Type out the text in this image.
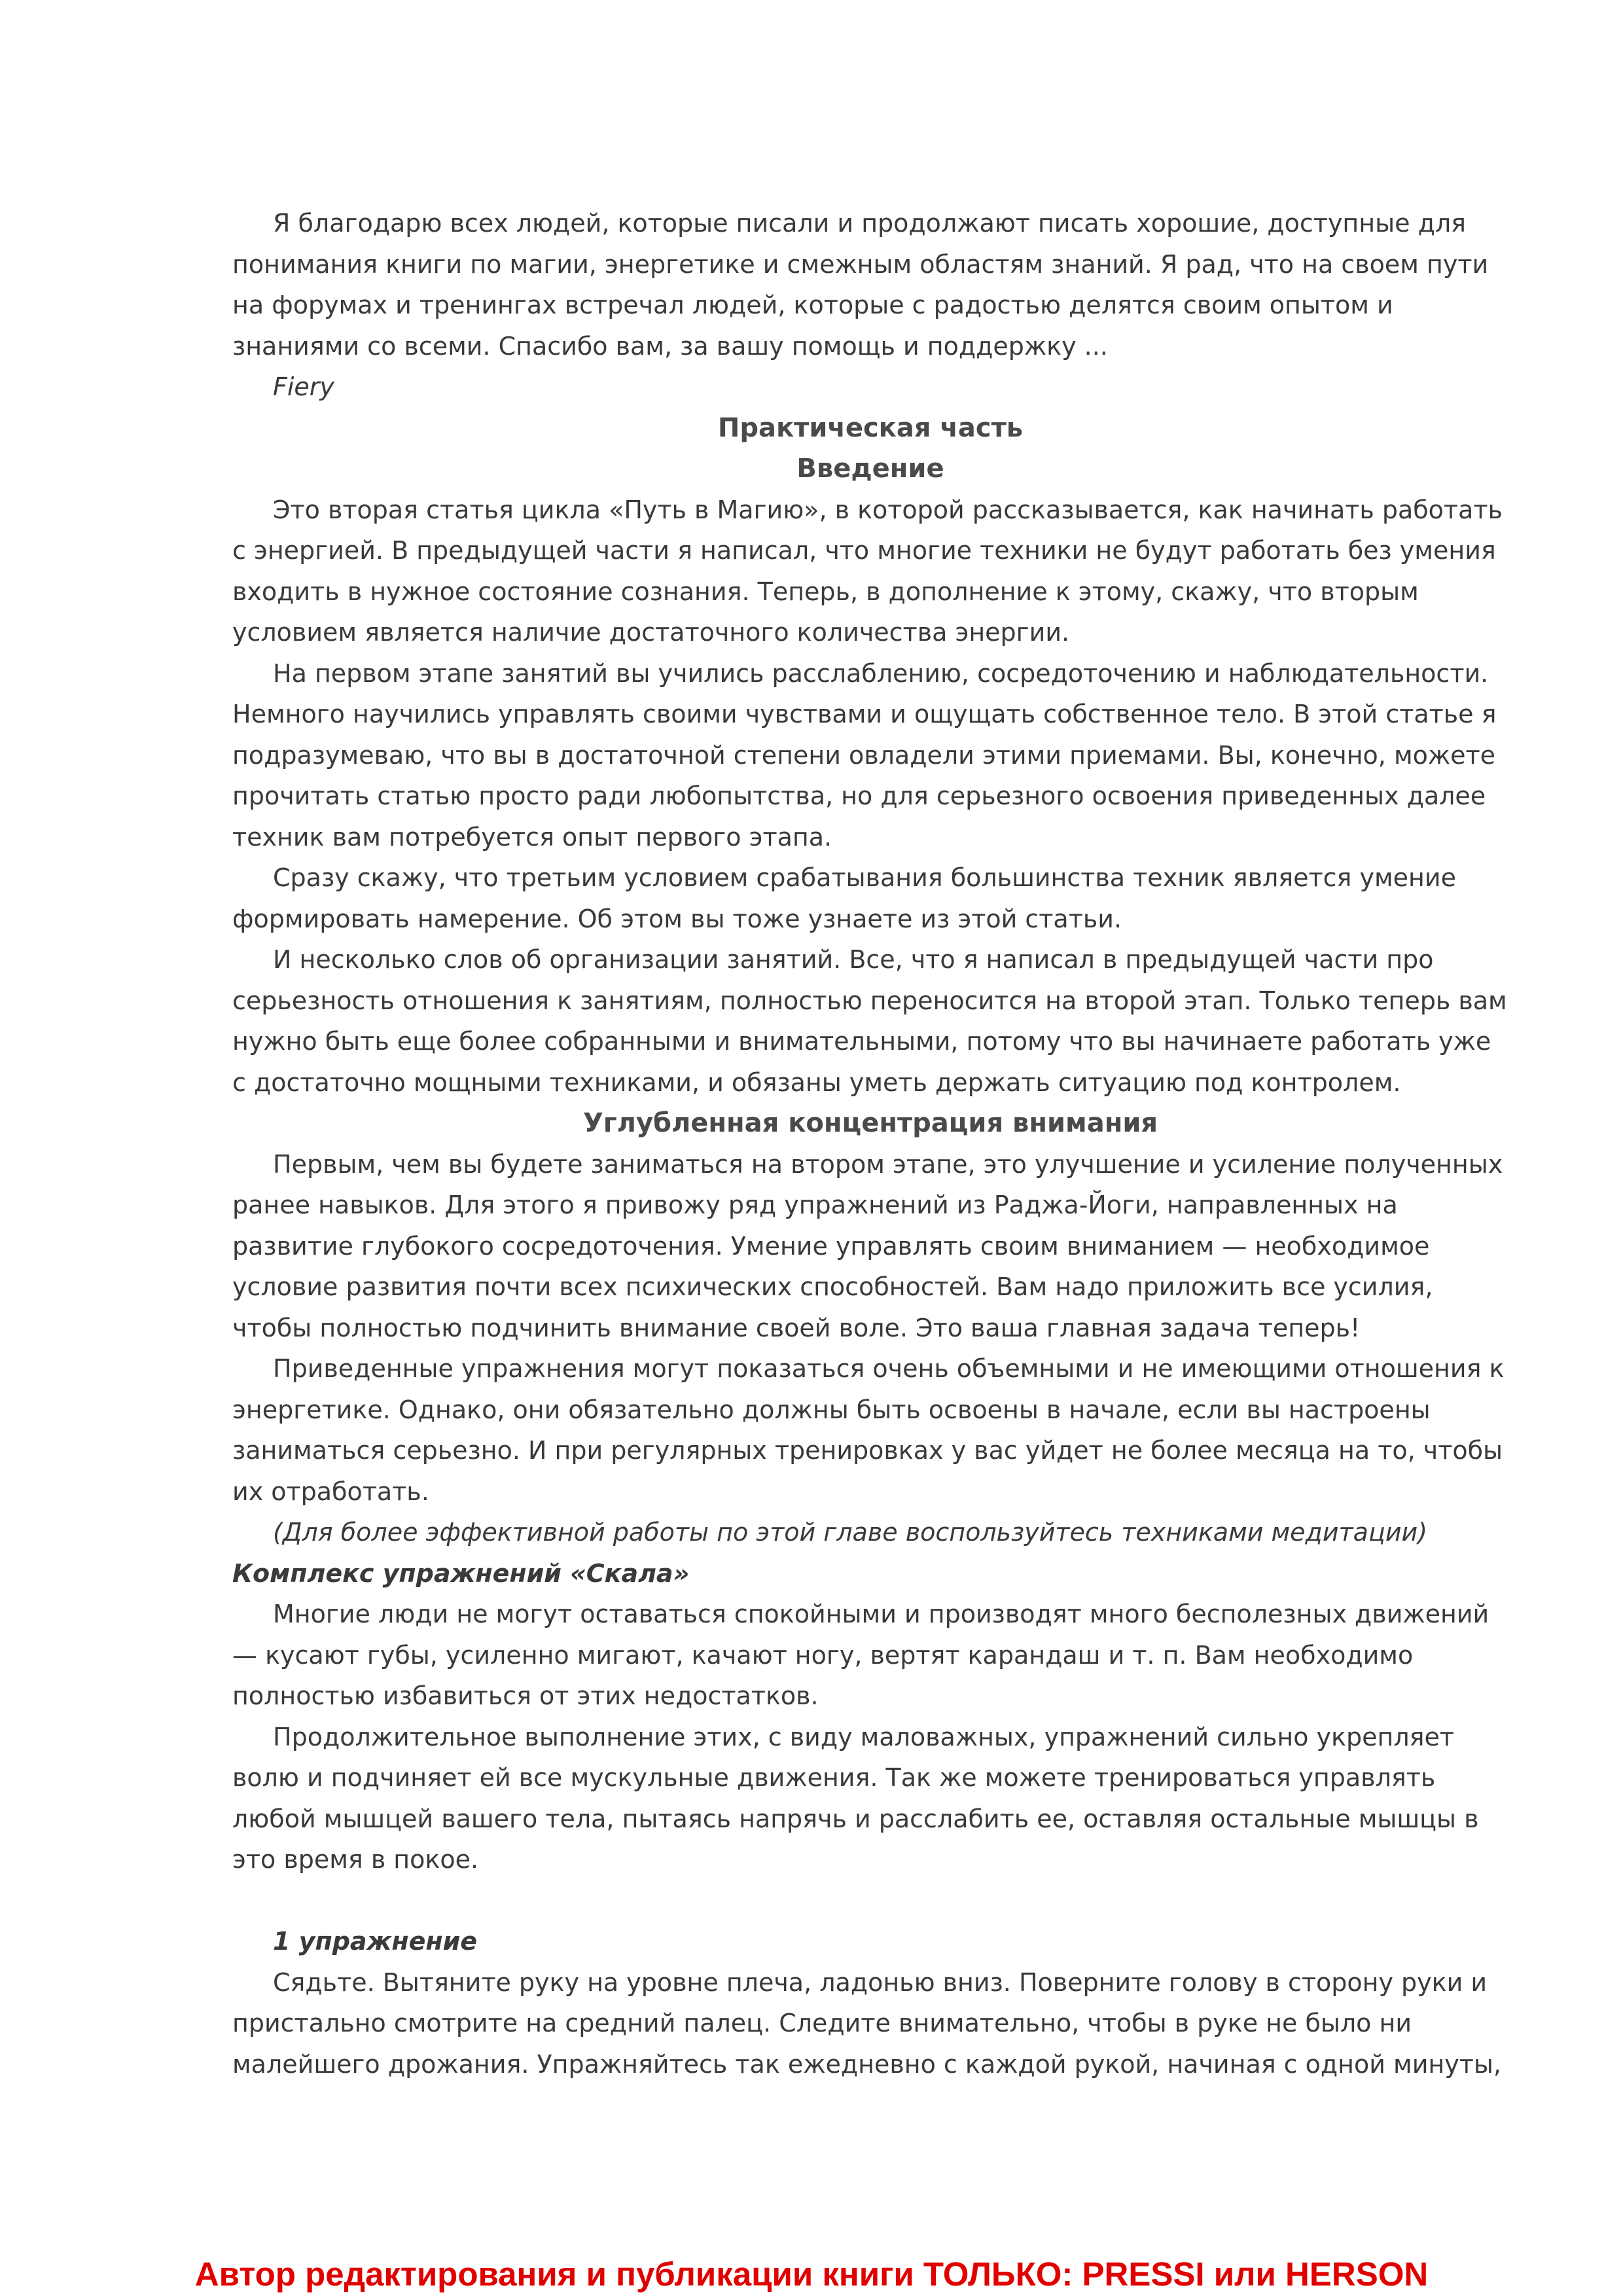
Я благодарю всех людей, которые писали и продолжают писать хорошие, доступные для понимания книги по магии, энергетике и смежным областям знаний. Я рад, что на своем пути на форумах и тренингах встречал людей, которые с радостью делятся своим опытом и знаниями со всеми. Спасибо вам, за вашу помощь и поддержку ...

Fiery

Практическая часть
Введение

Это вторая статья цикла «Путь в Магию», в которой рассказывается, как начинать работать с энергией. В предыдущей части я написал, что многие техники не будут работать без умения входить в нужное состояние сознания. Теперь, в дополнение к этому, скажу, что вторым условием является наличие достаточного количества энергии.

На первом этапе занятий вы учились расслаблению, сосредоточению и наблюдательности. Немного научились управлять своими чувствами и ощущать собственное тело. В этой статье я подразумеваю, что вы в достаточной степени овладели этими приемами. Вы, конечно, можете прочитать статью просто ради любопытства, но для серьезного освоения приведенных далее техник вам потребуется опыт первого этапа.

Сразу скажу, что третьим условием срабатывания большинства техник является умение формировать намерение. Об этом вы тоже узнаете из этой статьи.

И несколько слов об организации занятий. Все, что я написал в предыдущей части про серьезность отношения к занятиям, полностью переносится на второй этап. Только теперь вам нужно быть еще более собранными и внимательными, потому что вы начинаете работать уже с достаточно мощными техниками, и обязаны уметь держать ситуацию под контролем.

Углубленная концентрация внимания

Первым, чем вы будете заниматься на втором этапе, это улучшение и усиление полученных ранее навыков. Для этого я привожу ряд упражнений из Раджа-Йоги, направленных на развитие глубокого сосредоточения. Умение управлять своим вниманием — необходимое условие развития почти всех психических способностей. Вам надо приложить все усилия, чтобы полностью подчинить внимание своей воле. Это ваша главная задача теперь!

Приведенные упражнения могут показаться очень объемными и не имеющими отношения к энергетике. Однако, они обязательно должны быть освоены в начале, если вы настроены заниматься серьезно. И при регулярных тренировках у вас уйдет не более месяца на то, чтобы их отработать.

(Для более эффективной работы по этой главе воспользуйтесь техниками медитации)

Комплекс упражнений «Скала»

Многие люди не могут оставаться спокойными и производят много бесполезных движений — кусают губы, усиленно мигают, качают ногу, вертят карандаш и т. п. Вам необходимо полностью избавиться от этих недостатков.

Продолжительное выполнение этих, с виду маловажных, упражнений сильно укрепляет волю и подчиняет ей все мускульные движения. Так же можете тренироваться управлять любой мышцей вашего тела, пытаясь напрячь и расслабить ее, оставляя остальные мышцы в это время в покое.

1 упражнение

Сядьте. Вытяните руку на уровне плеча, ладонью вниз. Поверните голову в сторону руки и пристально смотрите на средний палец. Следите внимательно, чтобы в руке не было ни малейшего дрожания. Упражняйтесь так ежедневно с каждой рукой, начиная с одной минуты,

Автор редактирования и публикации книги ТОЛЬКО: PRESSI или HERSON
